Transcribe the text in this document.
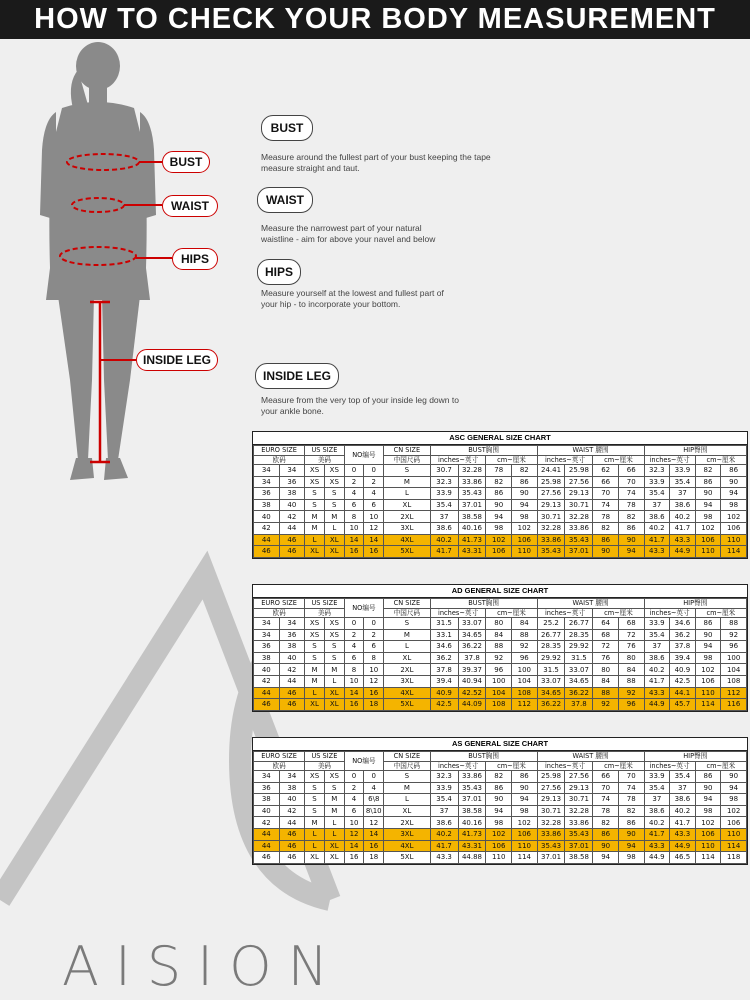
HOW TO CHECK YOUR BODY MEASUREMENT
BUST
WAIST
HIPS
INSIDE LEG
BUST
Measure around the fullest part of your bust keeping the tape measure straight and taut.
WAIST
Measure the narrowest part of your natural waistline - aim for above your navel and below
HIPS
Measure yourself at the lowest and fullest part of your hip - to incorporate your bottom.
INSIDE LEG
Measure from the very top of your inside leg down to your ankle bone.
ASC GENERAL SIZE CHART
EURO SIZE		US SIZE		NO编号		CN SIZE	BUST胸围				WAIST 腰围				HIP臀围			
欧码		美码				中国尺码	inches~英寸		cm~厘米		inches~英寸		cm~厘米		inches~英寸		cm~厘米	
34	34	XS	XS	0	0	S	30.7	32.28	78	82	24.41	25.98	62	66	32.3	33.9	82	86
34	36	XS	XS	2	2	M	32.3	33.86	82	86	25.98	27.56	66	70	33.9	35.4	86	90
36	38	S	S	4	4	L	33.9	35.43	86	90	27.56	29.13	70	74	35.4	37	90	94
38	40	S	S	6	6	XL	35.4	37.01	90	94	29.13	30.71	74	78	37	38.6	94	98
40	42	M	M	8	10	2XL	37	38.58	94	98	30.71	32.28	78	82	38.6	40.2	98	102
42	44	M	L	10	12	3XL	38.6	40.16	98	102	32.28	33.86	82	86	40.2	41.7	102	106
44	46	L	XL	14	14	4XL	40.2	41.73	102	106	33.86	35.43	86	90	41.7	43.3	106	110
46	46	XL	XL	16	16	5XL	41.7	43.31	106	110	35.43	37.01	90	94	43.3	44.9	110	114
AD GENERAL SIZE CHART
EURO SIZE		US SIZE		NO编号		CN SIZE	BUST胸围				WAIST 腰围				HIP臀围			
欧码		美码				中国尺码	inches~英寸		cm~厘米		inches~英寸		cm~厘米		inches~英寸		cm~厘米	
34	34	XS	XS	0	0	S	31.5	33.07	80	84	25.2	26.77	64	68	33.9	34.6	86	88
34	36	XS	XS	2	2	M	33.1	34.65	84	88	26.77	28.35	68	72	35.4	36.2	90	92
36	38	S	S	4	6	L	34.6	36.22	88	92	28.35	29.92	72	76	37	37.8	94	96
38	40	S	S	6	8	XL	36.2	37.8	92	96	29.92	31.5	76	80	38.6	39.4	98	100
40	42	M	M	8	10	2XL	37.8	39.37	96	100	31.5	33.07	80	84	40.2	40.9	102	104
42	44	M	L	10	12	3XL	39.4	40.94	100	104	33.07	34.65	84	88	41.7	42.5	106	108
44	46	L	XL	14	16	4XL	40.9	42.52	104	108	34.65	36.22	88	92	43.3	44.1	110	112
46	46	XL	XL	16	18	5XL	42.5	44.09	108	112	36.22	37.8	92	96	44.9	45.7	114	116
AS GENERAL SIZE CHART
EURO SIZE		US SIZE		NO编号		CN SIZE	BUST胸围				WAIST 腰围				HIP臀围			
欧码		美码				中国尺码	inches~英寸		cm~厘米		inches~英寸		cm~厘米		inches~英寸		cm~厘米	
34	34	XS	XS	0	0	S	32.3	33.86	82	86	25.98	27.56	66	70	33.9	35.4	86	90
36	38	S	S	2	4	M	33.9	35.43	86	90	27.56	29.13	70	74	35.4	37	90	94
38	40	S	M	4	6\8	L	35.4	37.01	90	94	29.13	30.71	74	78	37	38.6	94	98
40	42	S	M	6	8\10	XL	37	38.58	94	98	30.71	32.28	78	82	38.6	40.2	98	102
42	44	M	L	10	12	2XL	38.6	40.16	98	102	32.28	33.86	82	86	40.2	41.7	102	106
44	46	L	L	12	14	3XL	40.2	41.73	102	106	33.86	35.43	86	90	41.7	43.3	106	110
44	46	L	XL	14	16	4XL	41.7	43.31	106	110	35.43	37.01	90	94	43.3	44.9	110	114
46	46	XL	XL	16	18	5XL	43.3	44.88	110	114	37.01	38.58	94	98	44.9	46.5	114	118
AISION
